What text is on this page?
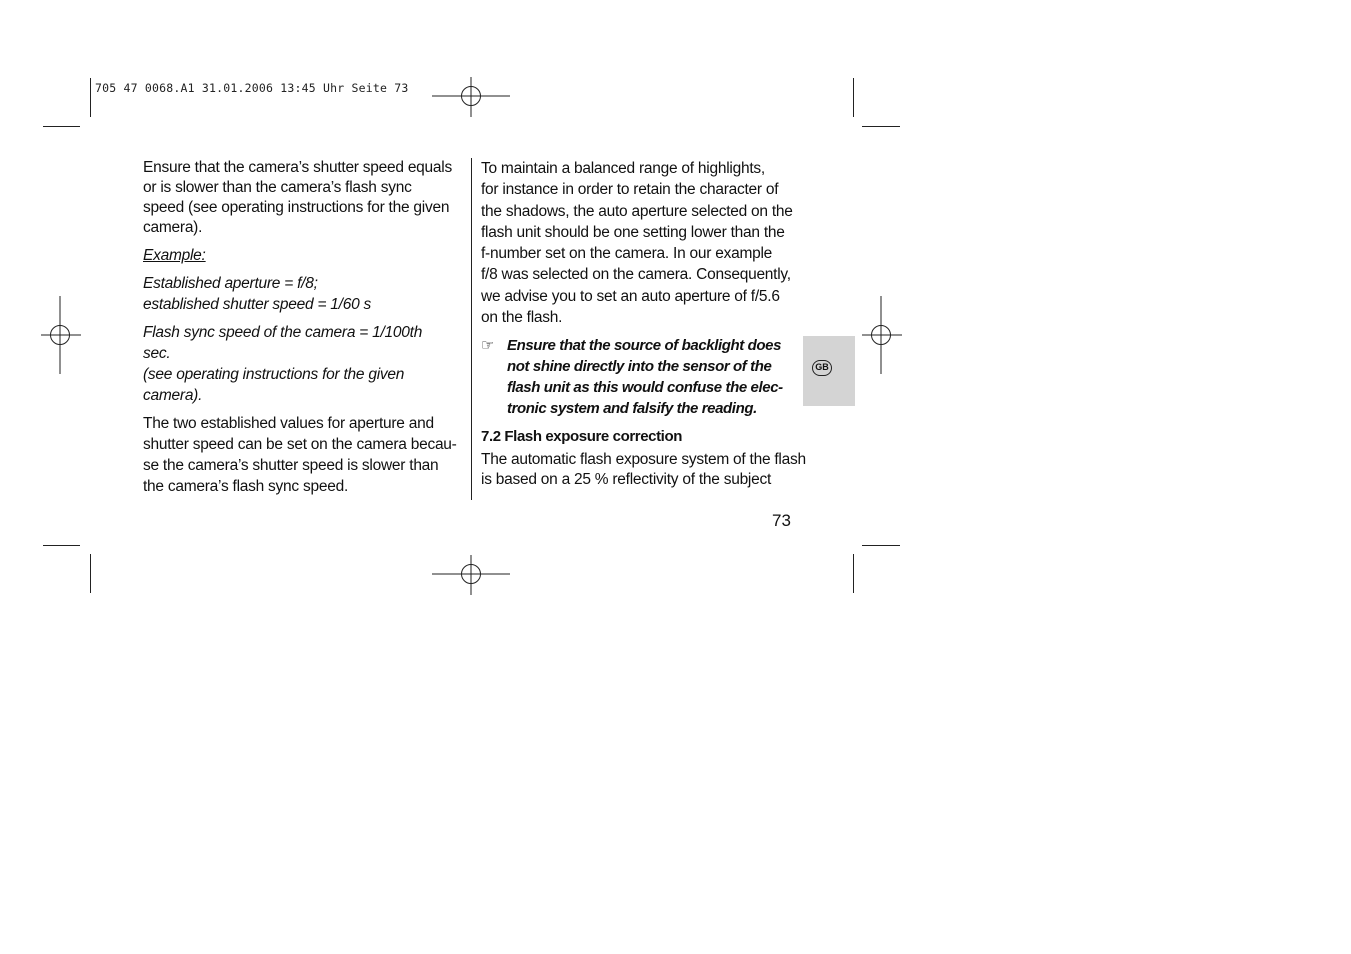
705 47 0068.A1 31.01.2006 13:45 Uhr Seite 73

Ensure that the camera’s shutter speed equals
or is slower than the camera’s flash sync
speed (see operating instructions for the given
camera).

Example:

Established aperture = f/8;
established shutter speed = 1/60 s

Flash sync speed of the camera = 1/100th
sec.
(see operating instructions for the given
camera).

The two established values for aperture and
shutter speed can be set on the camera becau-
se the camera’s shutter speed is slower than
the camera’s flash sync speed.

To maintain a balanced range of highlights,
for instance in order to retain the character of
the shadows, the auto aperture selected on the
flash unit should be one setting lower than the
f-number set on the camera. In our example
f/8 was selected on the camera. Consequently,
we advise you to set an auto aperture of f/5.6
on the flash.

☞ Ensure that the source of backlight does
not shine directly into the sensor of the
flash unit as this would confuse the elec-
tronic system and falsify the reading.

7.2 Flash exposure correction

The automatic flash exposure system of the flash
is based on a 25 % reflectivity of the subject

GB
73
